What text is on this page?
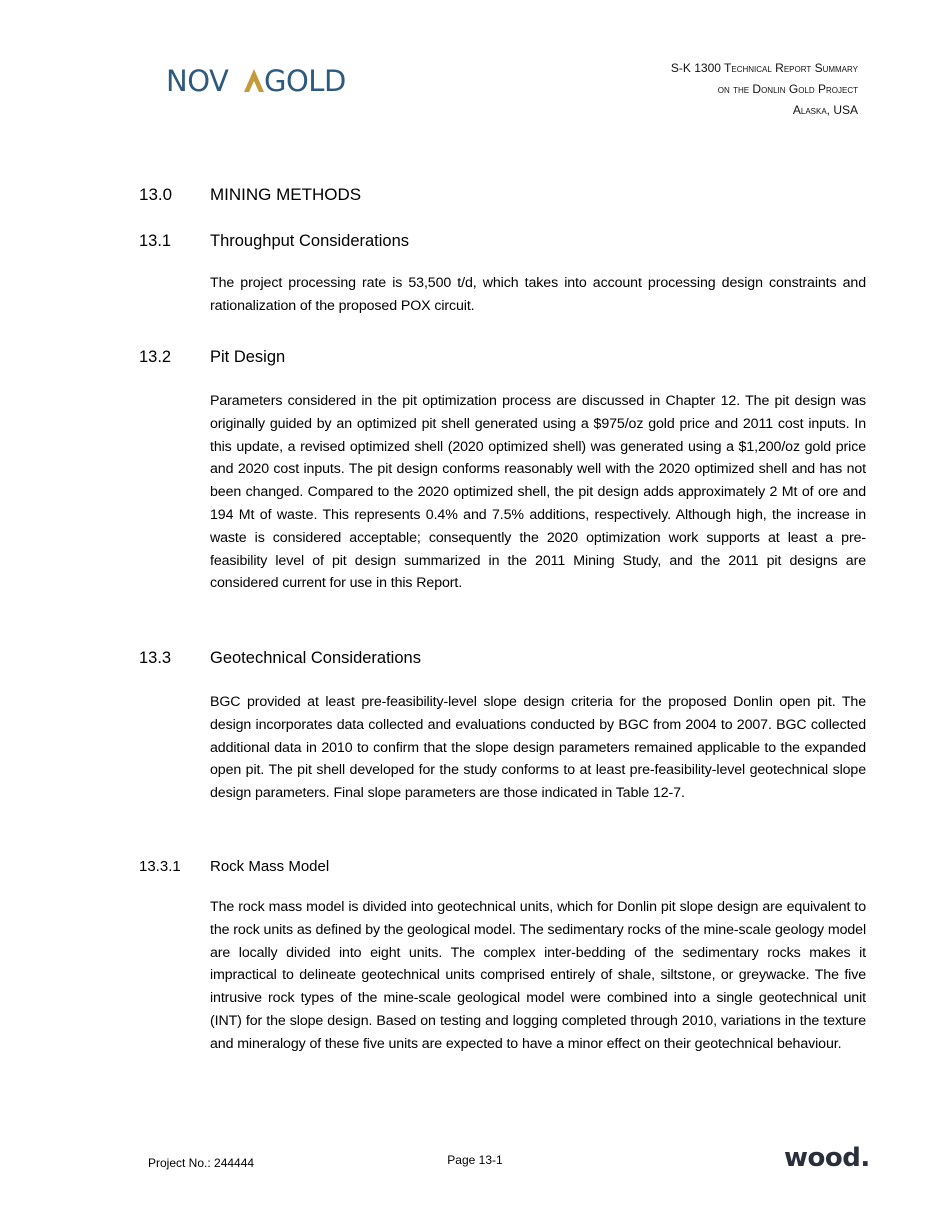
NOV GOLD	S-K 1300 Technical Report Summary
on the Donlin Gold Project
Alaska, USA
13.0 MINING METHODS
13.1 Throughput Considerations
The project processing rate is 53,500 t/d, which takes into account processing design constraints and rationalization of the proposed POX circuit.
13.2 Pit Design
Parameters considered in the pit optimization process are discussed in Chapter 12. The pit design was originally guided by an optimized pit shell generated using a $975/oz gold price and 2011 cost inputs. In this update, a revised optimized shell (2020 optimized shell) was generated using a $1,200/oz gold price and 2020 cost inputs. The pit design conforms reasonably well with the 2020 optimized shell and has not been changed. Compared to the 2020 optimized shell, the pit design adds approximately 2 Mt of ore and 194 Mt of waste. This represents 0.4% and 7.5% additions, respectively. Although high, the increase in waste is considered acceptable; consequently the 2020 optimization work supports at least a pre-feasibility level of pit design summarized in the 2011 Mining Study, and the 2011 pit designs are considered current for use in this Report.
13.3 Geotechnical Considerations
BGC provided at least pre-feasibility-level slope design criteria for the proposed Donlin open pit. The design incorporates data collected and evaluations conducted by BGC from 2004 to 2007. BGC collected additional data in 2010 to confirm that the slope design parameters remained applicable to the expanded open pit. The pit shell developed for the study conforms to at least pre-feasibility-level geotechnical slope design parameters. Final slope parameters are those indicated in Table 12-7.
13.3.1 Rock Mass Model
The rock mass model is divided into geotechnical units, which for Donlin pit slope design are equivalent to the rock units as defined by the geological model. The sedimentary rocks of the mine-scale geology model are locally divided into eight units. The complex inter-bedding of the sedimentary rocks makes it impractical to delineate geotechnical units comprised entirely of shale, siltstone, or greywacke. The five intrusive rock types of the mine-scale geological model were combined into a single geotechnical unit (INT) for the slope design. Based on testing and logging completed through 2010, variations in the texture and mineralogy of these five units are expected to have a minor effect on their geotechnical behaviour.
Project No.: 244444	Page 13-1	wood.
